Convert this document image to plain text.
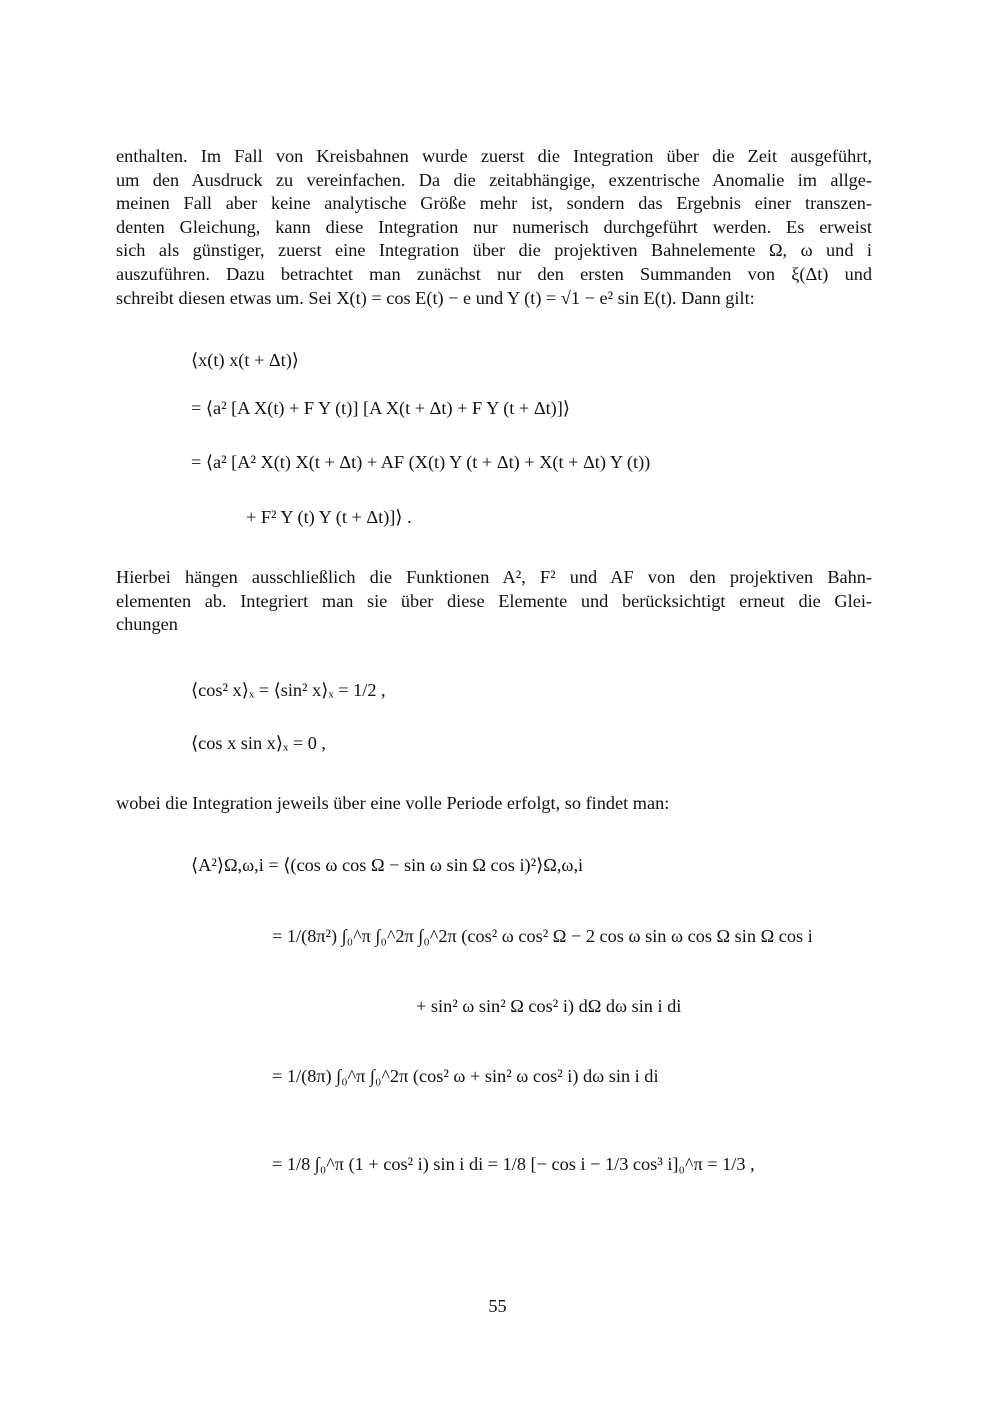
enthalten. Im Fall von Kreisbahnen wurde zuerst die Integration über die Zeit ausgeführt,
um den Ausdruck zu vereinfachen. Da die zeitabhängige, exzentrische Anomalie im allge-
meinen Fall aber keine analytische Größe mehr ist, sondern das Ergebnis einer transzen-
denten Gleichung, kann diese Integration nur numerisch durchgeführt werden. Es erweist
sich als günstiger, zuerst eine Integration über die projektiven Bahnelemente Ω, ω und i
auszuführen. Dazu betrachtet man zunächst nur den ersten Summanden von ξ(Δt) und
schreibt diesen etwas um. Sei X(t) = cos E(t) − e und Y (t) = √1 − e² sin E(t). Dann gilt:

⟨x(t) x(t + Δt)⟩
= ⟨a² [A X(t) + F Y (t)] [A X(t + Δt) + F Y (t + Δt)]⟩
= ⟨a² [A² X(t) X(t + Δt) + AF (X(t) Y (t + Δt) + X(t + Δt) Y (t))
+ F² Y (t) Y (t + Δt)]⟩ .

Hierbei hängen ausschließlich die Funktionen A², F² und AF von den projektiven Bahn-
elementen ab. Integriert man sie über diese Elemente und berücksichtigt erneut die Glei-
chungen

⟨cos² x⟩ₓ = ⟨sin² x⟩ₓ = 1/2 ,
⟨cos x sin x⟩ₓ = 0 ,

wobei die Integration jeweils über eine volle Periode erfolgt, so findet man:

⟨A²⟩Ω,ω,i = ⟨(cos ω cos Ω − sin ω sin Ω cos i)²⟩Ω,ω,i
= 1/(8π²) ∫₀^π ∫₀^2π ∫₀^2π (cos² ω cos² Ω − 2 cos ω sin ω cos Ω sin Ω cos i
+ sin² ω sin² Ω cos² i) dΩ dω sin i di
= 1/(8π) ∫₀^π ∫₀^2π (cos² ω + sin² ω cos² i) dω sin i di
= 1/8 ∫₀^π (1 + cos² i) sin i di = 1/8 [− cos i − 1/3 cos³ i]₀^π = 1/3 ,
55
